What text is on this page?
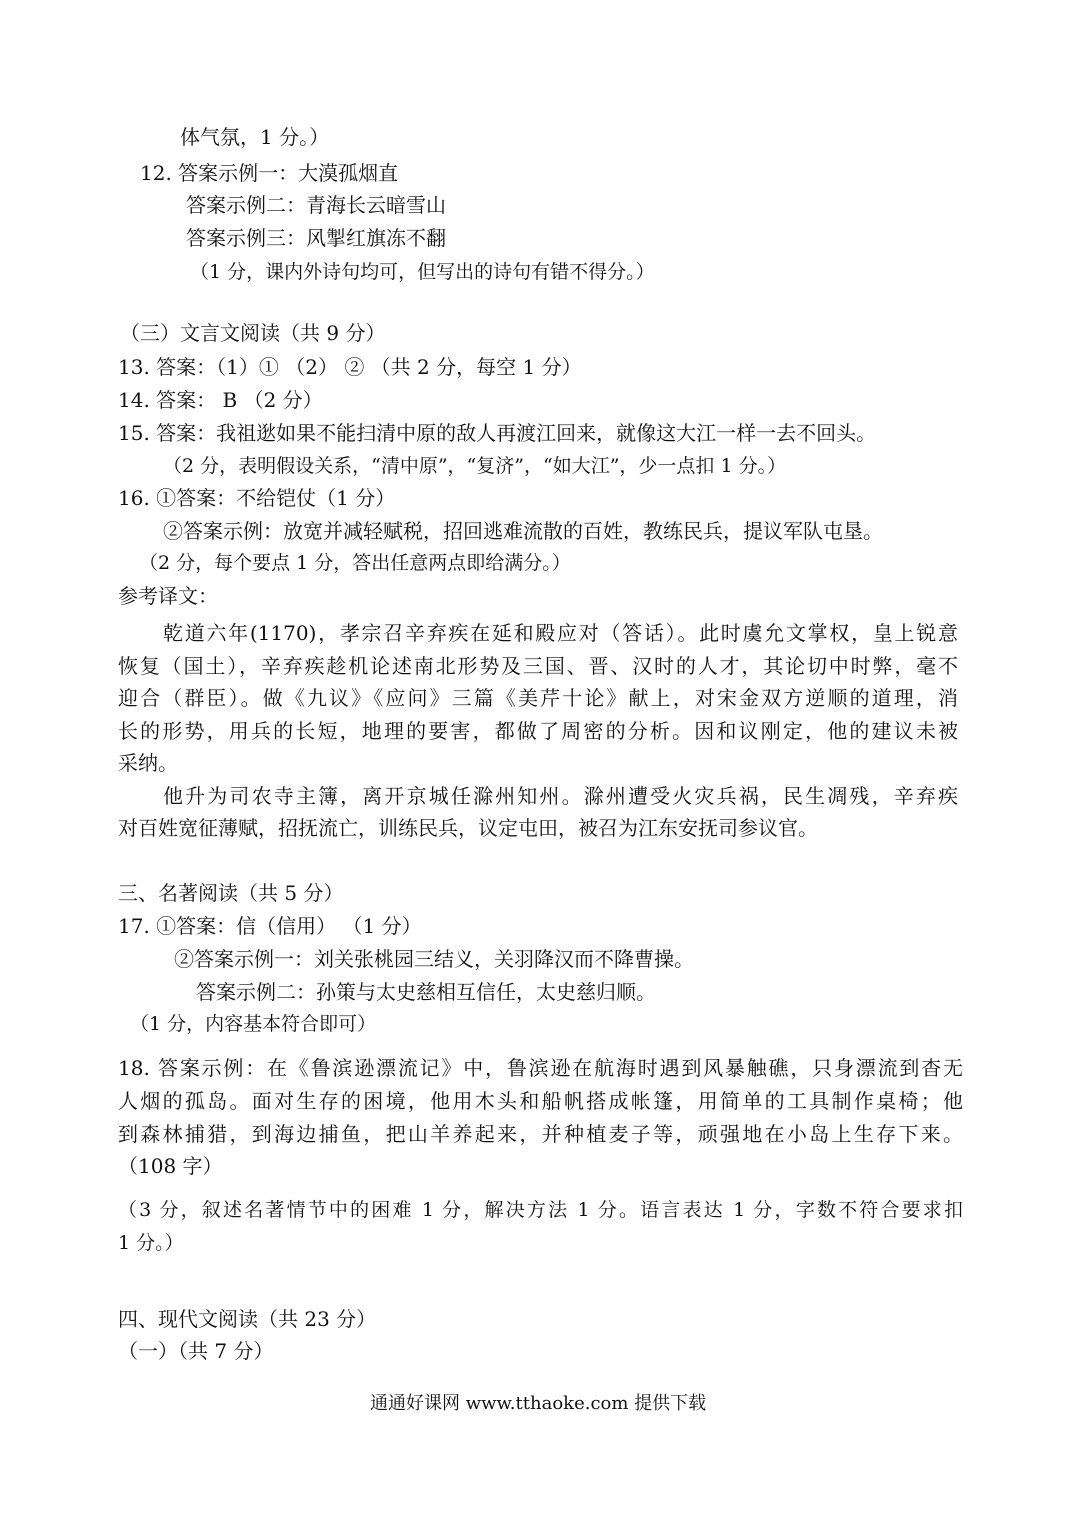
体气氛，1 分。）
12. 答案示例一：大漠孤烟直
答案示例二：青海长云暗雪山
答案示例三：风掣红旗冻不翻
（1 分，课内外诗句均可，但写出的诗句有错不得分。）
（三）文言文阅读（共 9 分）
13. 答案：（1）① （2） ② （共 2 分，每空 1 分）
14. 答案： B （2 分）
15. 答案：我祖逖如果不能扫清中原的敌人再渡江回来，就像这大江一样一去不回头。
（2 分，表明假设关系，“清中原”，“复济”，“如大江”，少一点扣 1 分。）
16. ①答案：不给铠仗（1 分）
②答案示例：放宽并减轻赋税，招回逃难流散的百姓，教练民兵，提议军队屯垦。
（2 分，每个要点 1 分，答出任意两点即给满分。）
参考译文：
乾道六年(1170)，孝宗召辛弃疾在延和殿应对（答话）。此时虞允文掌权，皇上锐意
恢复（国土），辛弃疾趁机论述南北形势及三国、晋、汉时的人才，其论切中时弊，毫不
迎合（群臣）。做《九议》《应问》三篇《美芹十论》献上，对宋金双方逆顺的道理，消
长的形势，用兵的长短，地理的要害，都做了周密的分析。因和议刚定，他的建议未被
采纳。
他升为司农寺主簿，离开京城任滁州知州。滁州遭受火灾兵祸，民生凋残，辛弃疾
对百姓宽征薄赋，招抚流亡，训练民兵，议定屯田，被召为江东安抚司参议官。
三、名著阅读（共 5 分）
17. ①答案：信（信用） （1 分）
②答案示例一：刘关张桃园三结义，关羽降汉而不降曹操。
答案示例二：孙策与太史慈相互信任，太史慈归顺。
（1 分，内容基本符合即可）
18. 答案示例：在《鲁滨逊漂流记》中，鲁滨逊在航海时遇到风暴触礁，只身漂流到杳无
人烟的孤岛。面对生存的困境，他用木头和船帆搭成帐篷，用简单的工具制作桌椅；他
到森林捕猎，到海边捕鱼，把山羊养起来，并种植麦子等，顽强地在小岛上生存下来。
（108 字）
（3 分，叙述名著情节中的困难 1 分，解决方法 1 分。语言表达 1 分，字数不符合要求扣
1 分。）
四、现代文阅读（共 23 分）
（一）（共 7 分）
通通好课网 www.tthaoke.com 提供下载
